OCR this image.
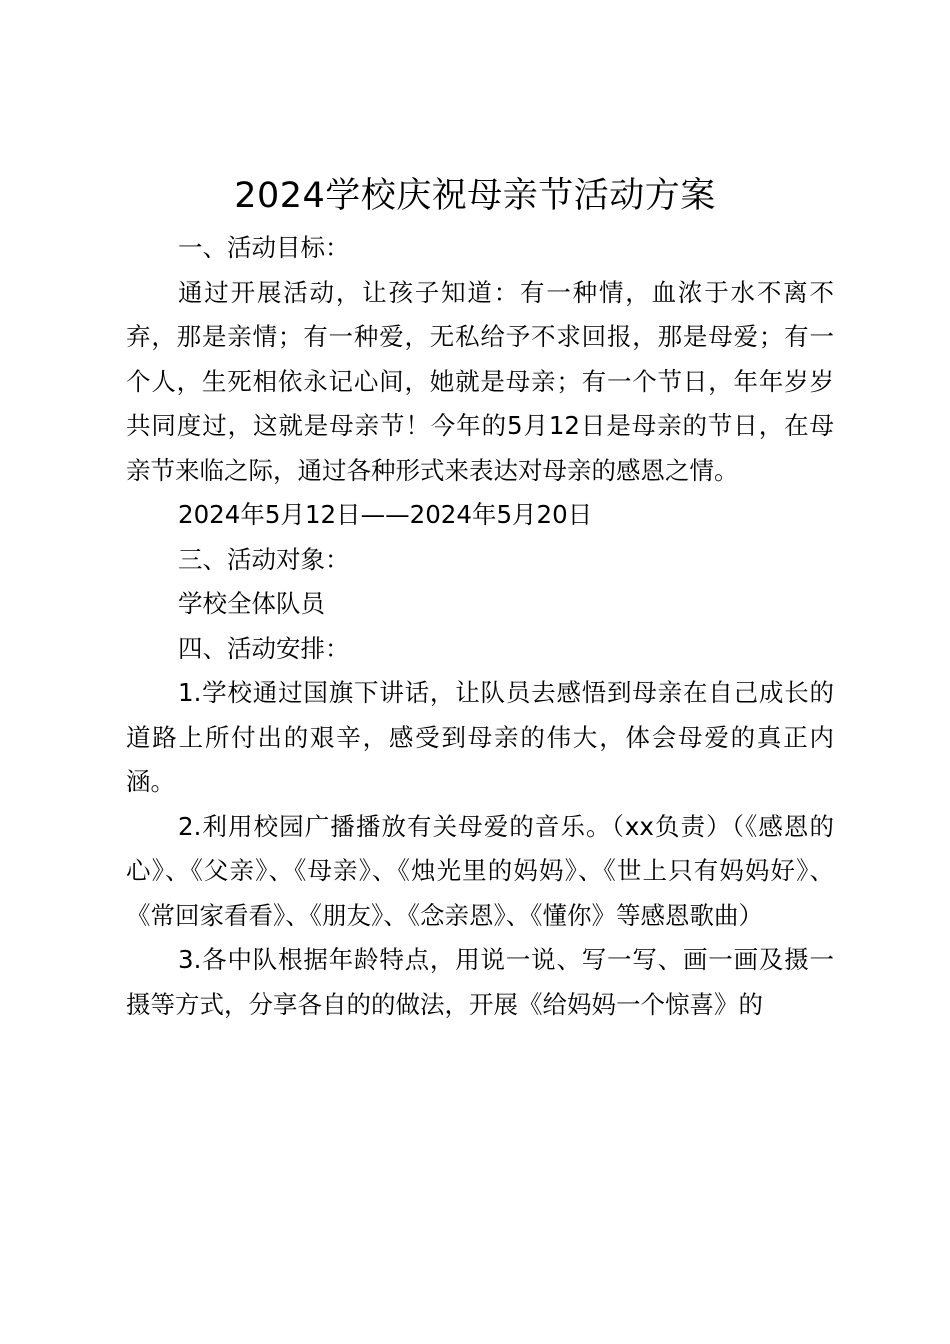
2024学校庆祝母亲节活动方案

一、活动目标：

通过开展活动，让孩子知道：有一种情，血浓于水不离不弃，那是亲情；有一种爱，无私给予不求回报，那是母爱；有一个人，生死相依永记心间，她就是母亲；有一个节日，年年岁岁共同度过，这就是母亲节！今年的5月12日是母亲的节日，在母亲节来临之际，通过各种形式来表达对母亲的感恩之情。

2024年5月12日——2024年5月20日

三、活动对象：

学校全体队员

四、活动安排：

1.学校通过国旗下讲话，让队员去感悟到母亲在自己成长的道路上所付出的艰辛，感受到母亲的伟大，体会母爱的真正内涵。

2.利用校园广播播放有关母爱的音乐。（xx负责）（《感恩的心》、《父亲》、《母亲》、《烛光里的妈妈》、《世上只有妈妈好》、《常回家看看》、《朋友》、《念亲恩》、《懂你》等感恩歌曲）

3.各中队根据年龄特点，用说一说、写一写、画一画及摄一摄等方式，分享各自的的做法，开展《给妈妈一个惊喜》的
